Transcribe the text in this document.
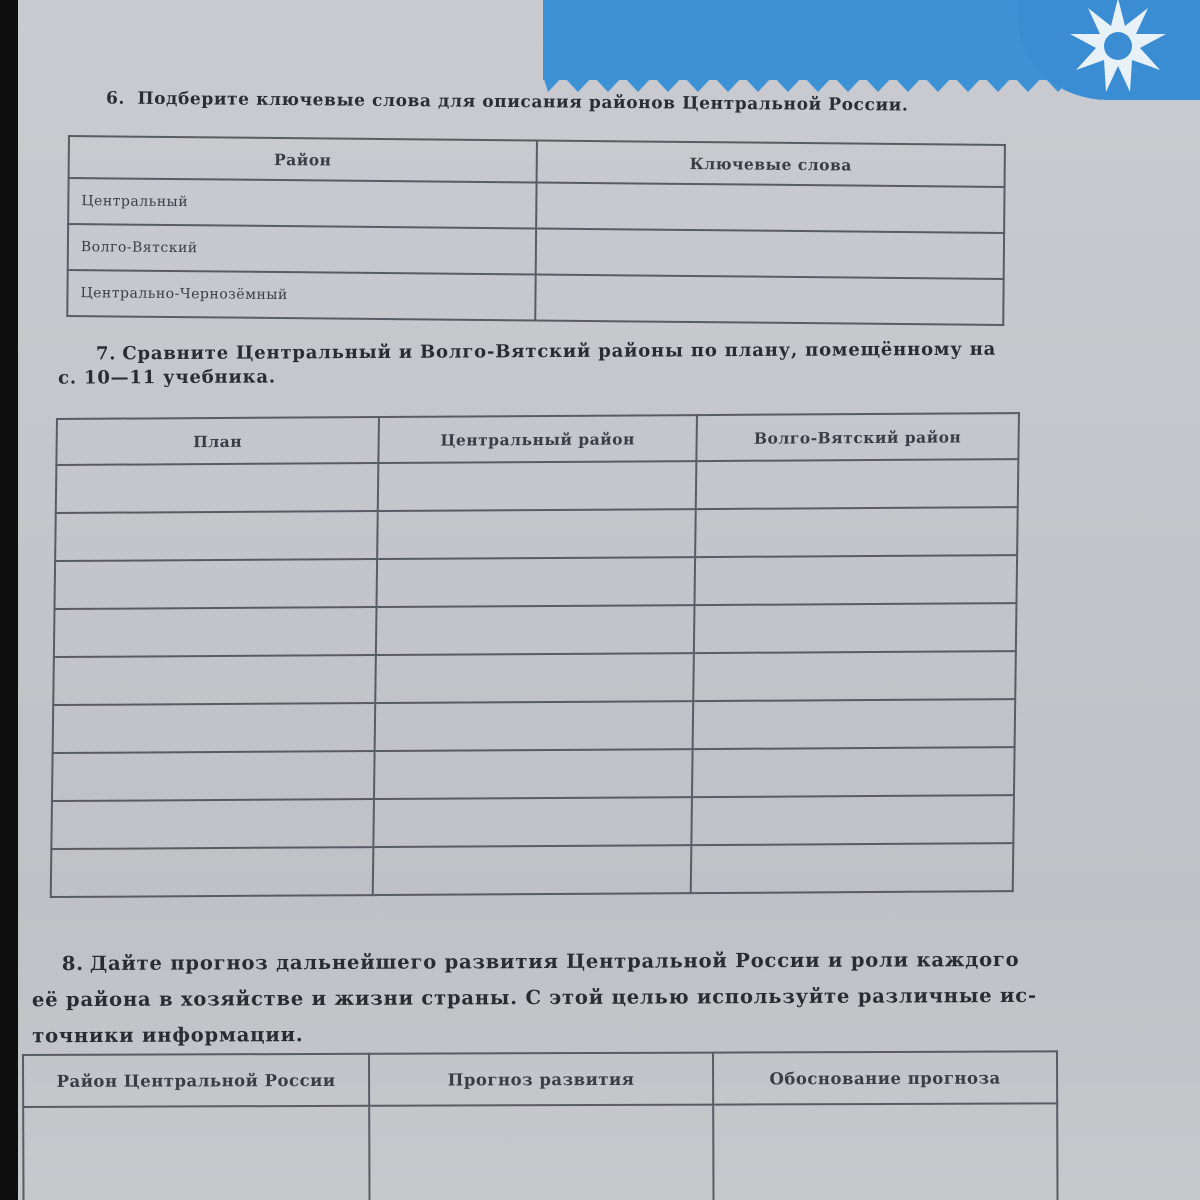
6. Подберите ключевые слова для описания районов Центральной России.
Район	Ключевые слова
Центральный	
Волго-Вятский	
Центрально-Чернозёмный	
7. Сравните Центральный и Волго-Вятский районы по плану, помещённому на
с. 10—11 учебника.
План	Центральный район	Волго-Вятский район

8. Дайте прогноз дальнейшего развития Центральной России и роли каждого
её района в хозяйстве и жизни страны. С этой целью используйте различные ис-
точники информации.
Район Центральной России	Прогноз развития	Обоснование прогноза
